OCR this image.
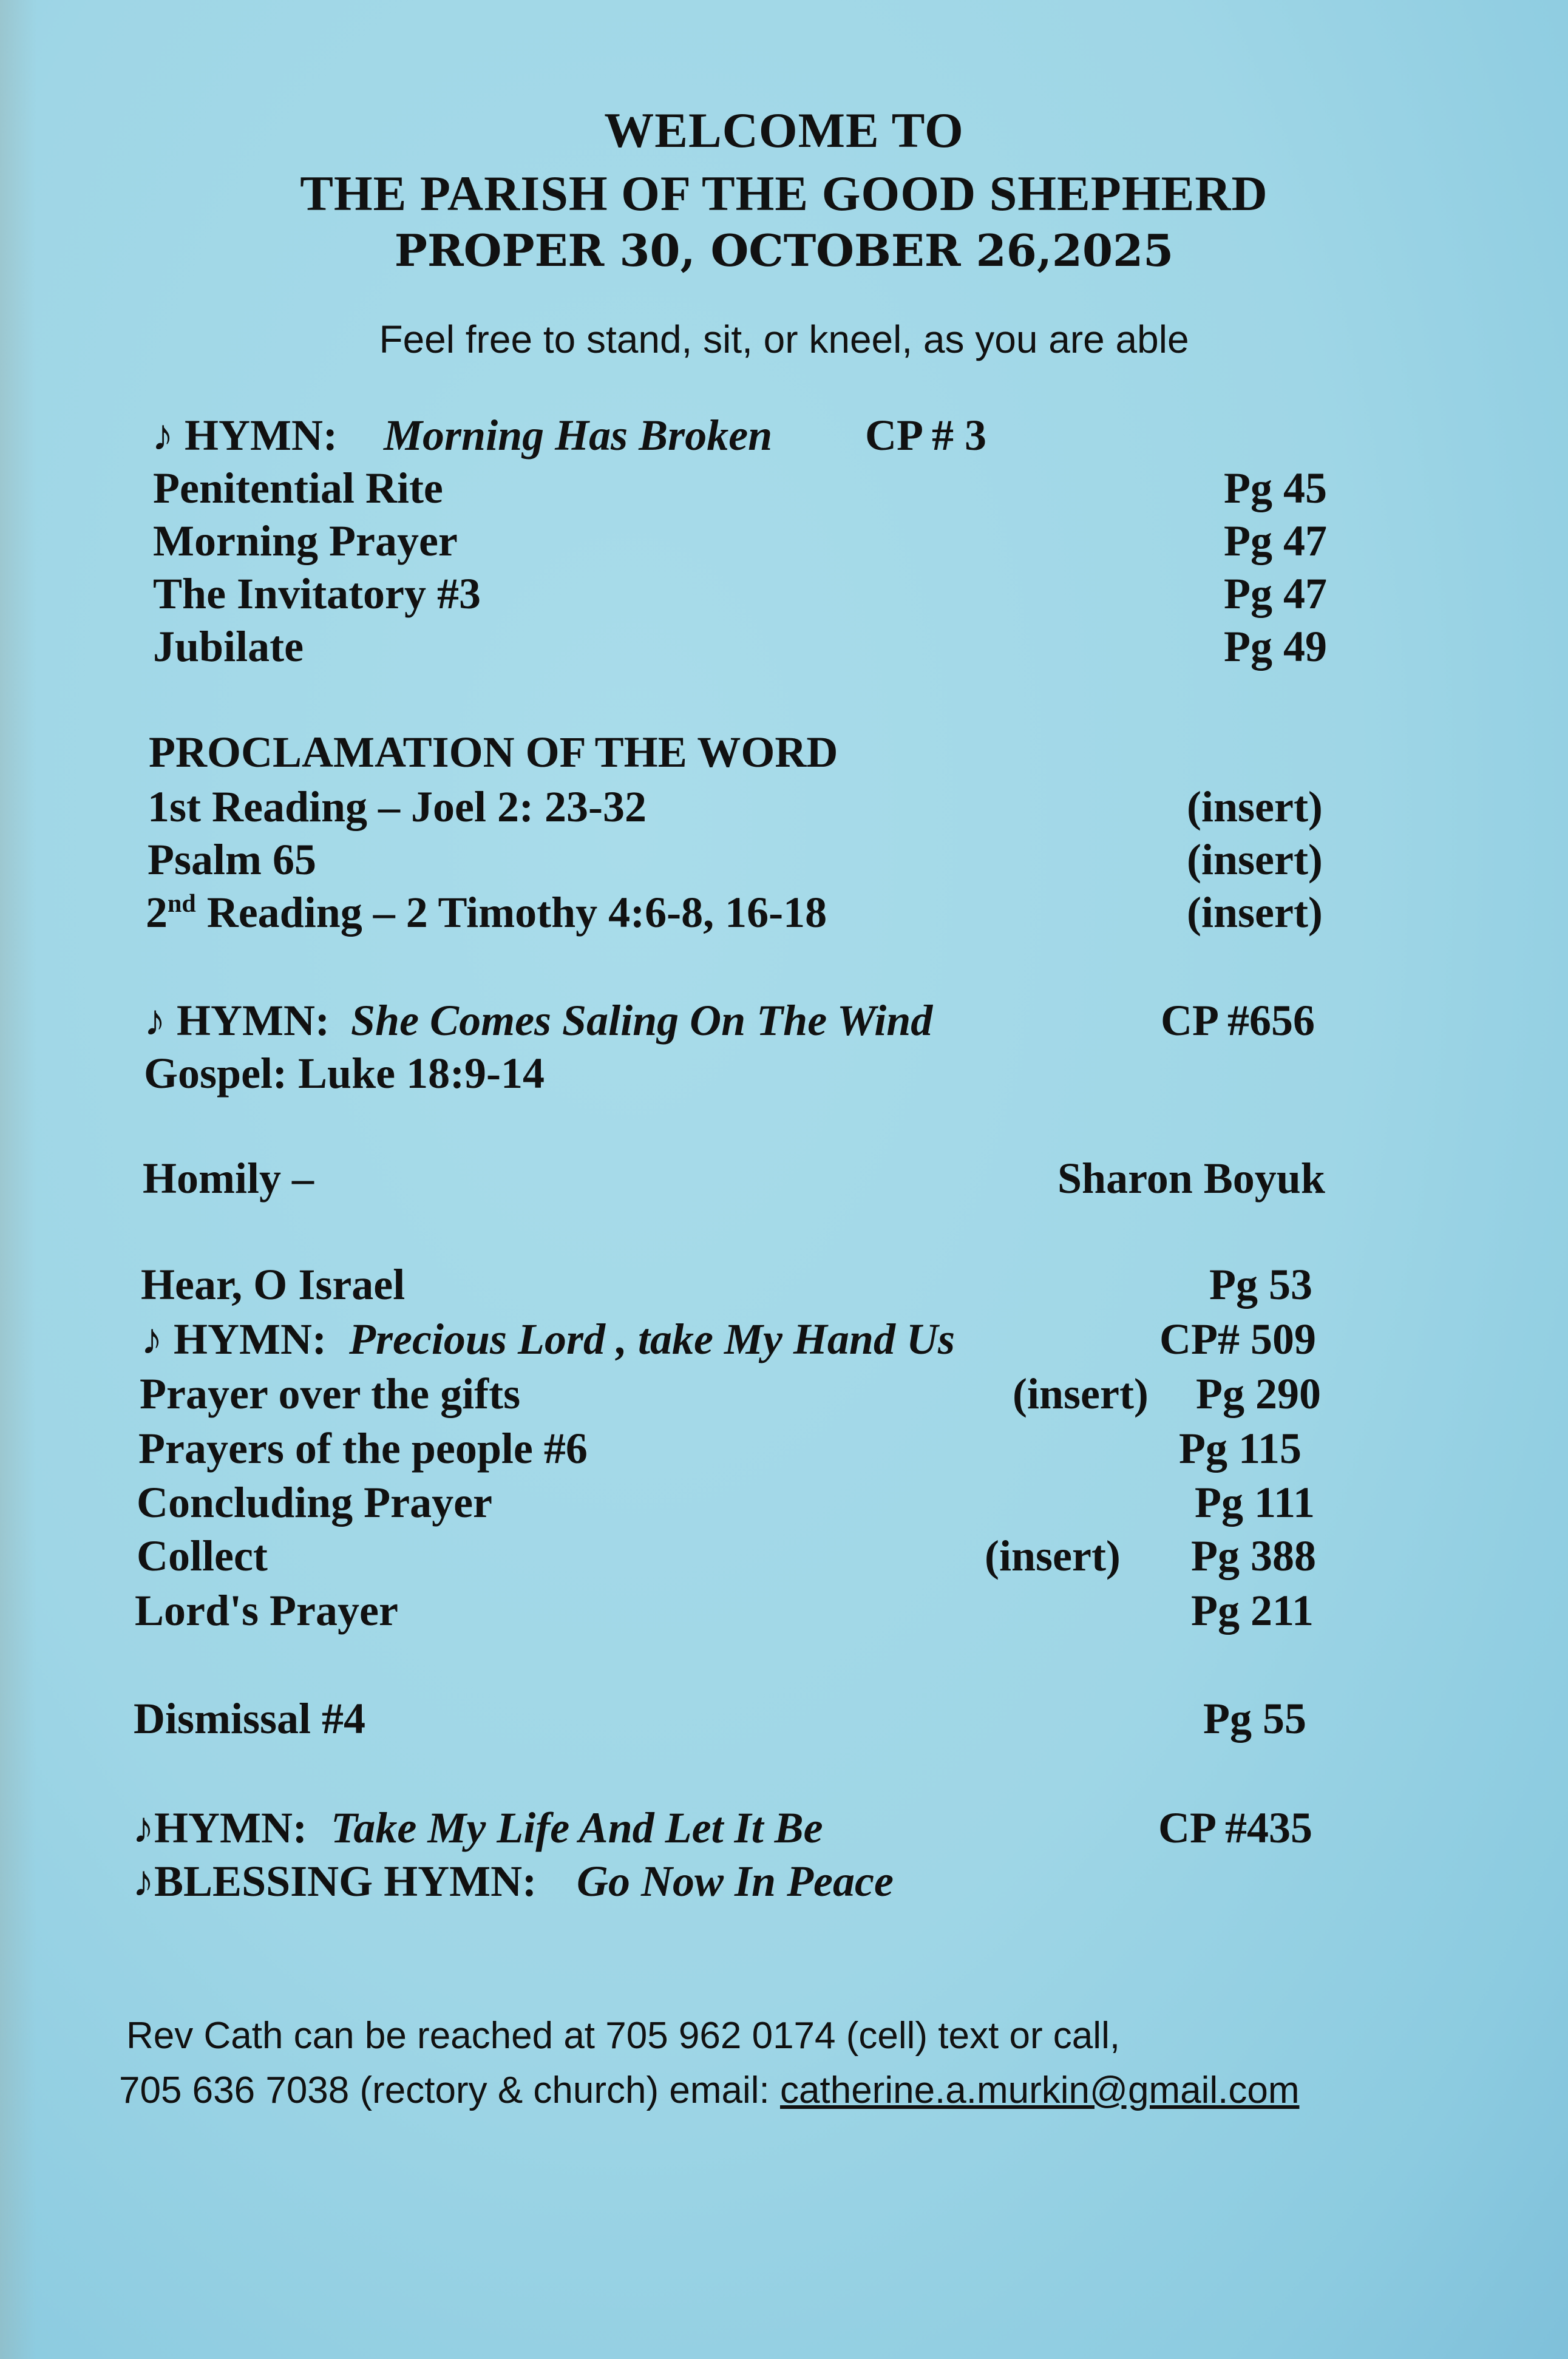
WELCOME TO
THE PARISH OF THE GOOD SHEPHERD
PROPER 30, OCTOBER 26,2025
Feel free to stand, sit, or kneel, as you are able
♪ HYMN: Morning Has Broken CP # 3
Penitential Rite	Pg 45
Morning Prayer	Pg 47
The Invitatory #3	Pg 47
Jubilate	Pg 49
PROCLAMATION OF THE WORD
1st Reading – Joel 2: 23-32	(insert)
Psalm 65	(insert)
2nd Reading – 2 Timothy 4:6-8, 16-18	(insert)
♪ HYMN: She Comes Saling On The Wind	CP #656
Gospel: Luke 18:9-14
Homily –	Sharon Boyuk
Hear, O Israel	Pg 53
♪ HYMN: Precious Lord , take My Hand Us	CP# 509
Prayer over the gifts	(insert) Pg 290
Prayers of the people #6	Pg 115
Concluding Prayer	Pg 111
Collect	(insert) Pg 388
Lord's Prayer	Pg 211
Dismissal #4	Pg 55
♪HYMN: Take My Life And Let It Be	CP #435
♪BLESSING HYMN: Go Now In Peace
Rev Cath can be reached at 705 962 0174 (cell) text or call,
705 636 7038 (rectory & church) email: catherine.a.murkin@gmail.com
